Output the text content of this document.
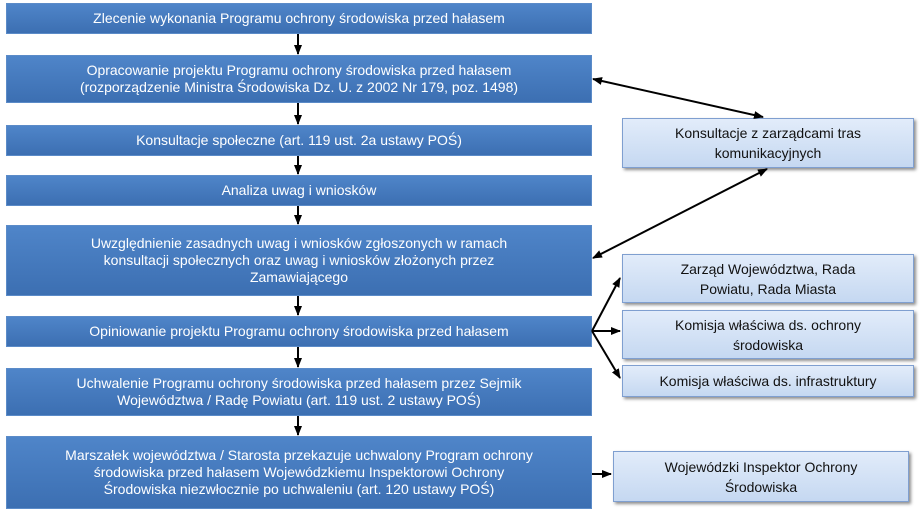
Zlecenie wykonania Programu ochrony środowiska przed hałasem
Opracowanie projektu Programu ochrony środowiska przed hałasem
(rozporządzenie Ministra Środowiska Dz. U. z 2002 Nr 179, poz. 1498)
Konsultacje społeczne (art. 119 ust. 2a ustawy POŚ)
Analiza uwag i wniosków
Uwzględnienie zasadnych uwag i wniosków zgłoszonych w ramach
konsultacji społecznych oraz uwag i wniosków złożonych przez
Zamawiającego
Opiniowanie projektu Programu ochrony środowiska przed hałasem
Uchwalenie Programu ochrony środowiska przed hałasem przez Sejmik
Województwa / Radę Powiatu (art. 119 ust. 2 ustawy POŚ)
Marszałek województwa / Starosta przekazuje uchwalony Program ochrony
środowiska przed hałasem Wojewódzkiemu Inspektorowi Ochrony
Środowiska niezwłocznie po uchwaleniu (art. 120 ustawy POŚ)
Konsultacje z zarządcami tras
komunikacyjnych
Zarząd Województwa, Rada
Powiatu, Rada Miasta
Komisja właściwa ds. ochrony
środowiska
Komisja właściwa ds. infrastruktury
Wojewódzki Inspektor Ochrony
Środowiska
